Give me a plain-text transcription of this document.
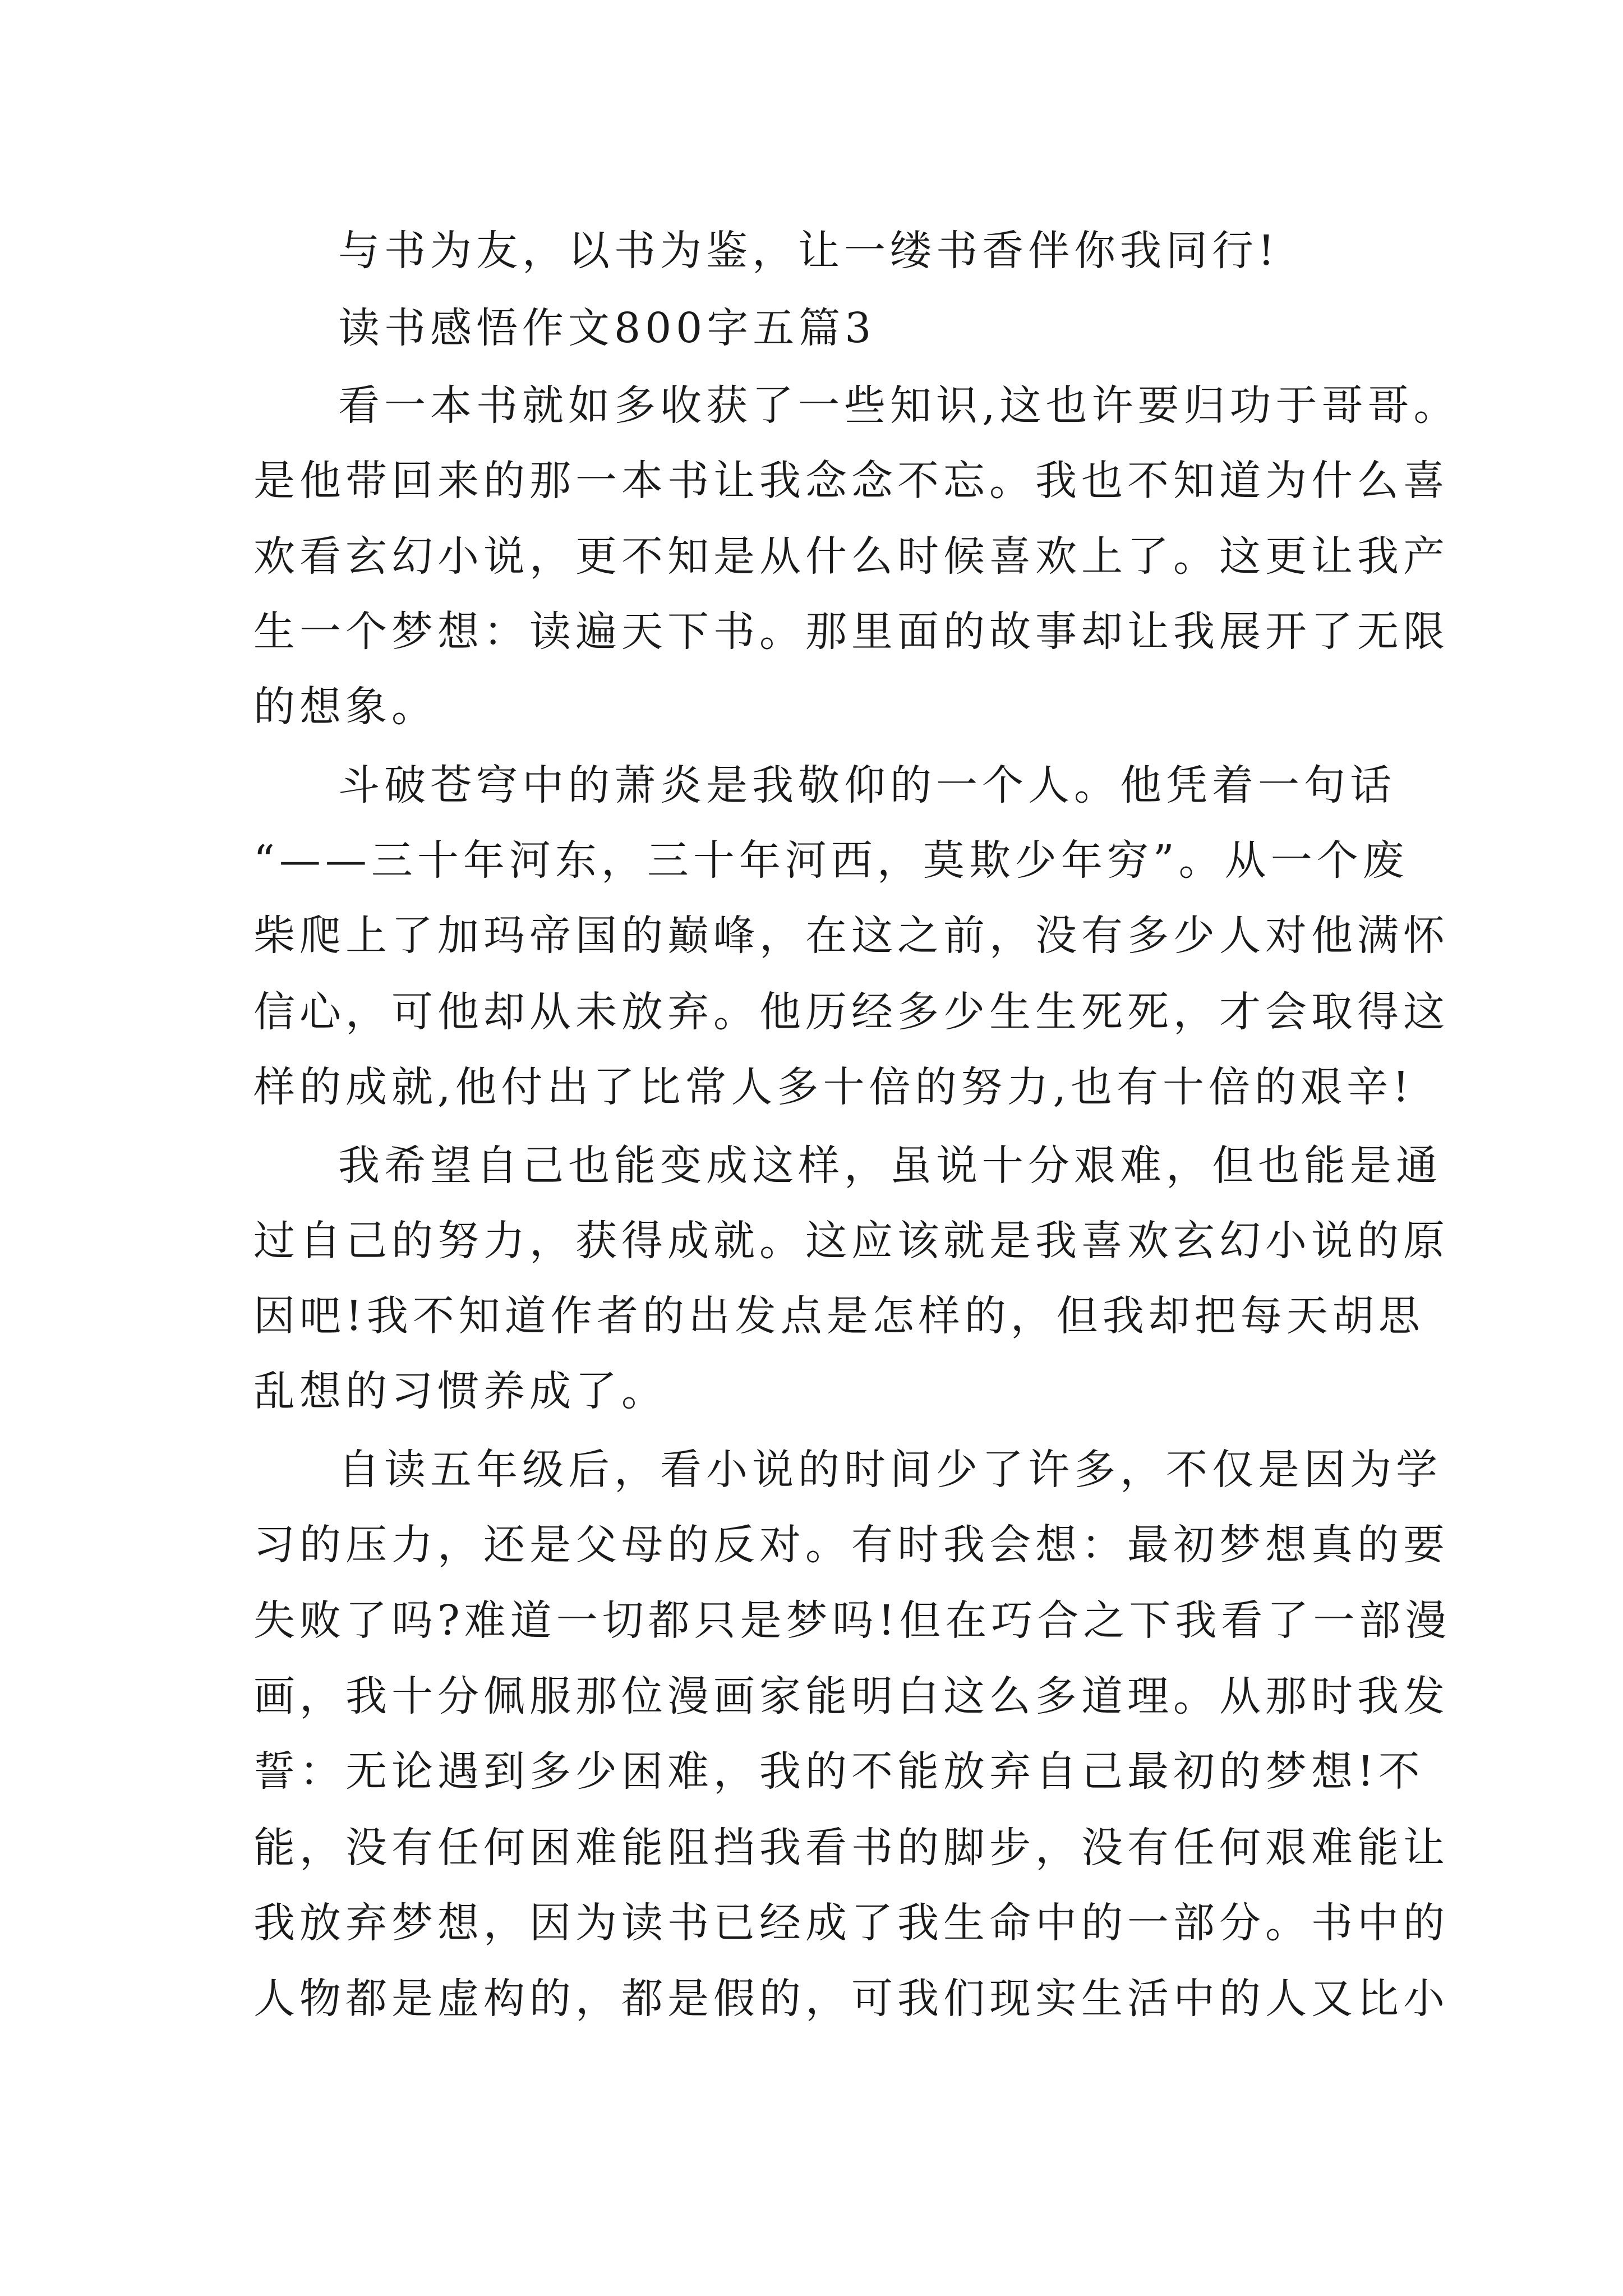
与书为友，以书为鉴，让一缕书香伴你我同行!
读书感悟作文800字五篇3
看一本书就如多收获了一些知识,这也许要归功于哥哥。
是他带回来的那一本书让我念念不忘。我也不知道为什么喜
欢看玄幻小说，更不知是从什么时候喜欢上了。这更让我产
生一个梦想：读遍天下书。那里面的故事却让我展开了无限
的想象。
斗破苍穹中的萧炎是我敬仰的一个人。他凭着一句话
“——三十年河东，三十年河西，莫欺少年穷”。从一个废
柴爬上了加玛帝国的巅峰，在这之前，没有多少人对他满怀
信心，可他却从未放弃。他历经多少生生死死，才会取得这
样的成就,他付出了比常人多十倍的努力,也有十倍的艰辛!
我希望自己也能变成这样，虽说十分艰难，但也能是通
过自己的努力，获得成就。这应该就是我喜欢玄幻小说的原
因吧!我不知道作者的出发点是怎样的，但我却把每天胡思
乱想的习惯养成了。
自读五年级后，看小说的时间少了许多，不仅是因为学
习的压力，还是父母的反对。有时我会想：最初梦想真的要
失败了吗?难道一切都只是梦吗!但在巧合之下我看了一部漫
画，我十分佩服那位漫画家能明白这么多道理。从那时我发
誓：无论遇到多少困难，我的不能放弃自己最初的梦想!不
能，没有任何困难能阻挡我看书的脚步，没有任何艰难能让
我放弃梦想，因为读书已经成了我生命中的一部分。书中的
人物都是虚构的，都是假的，可我们现实生活中的人又比小
